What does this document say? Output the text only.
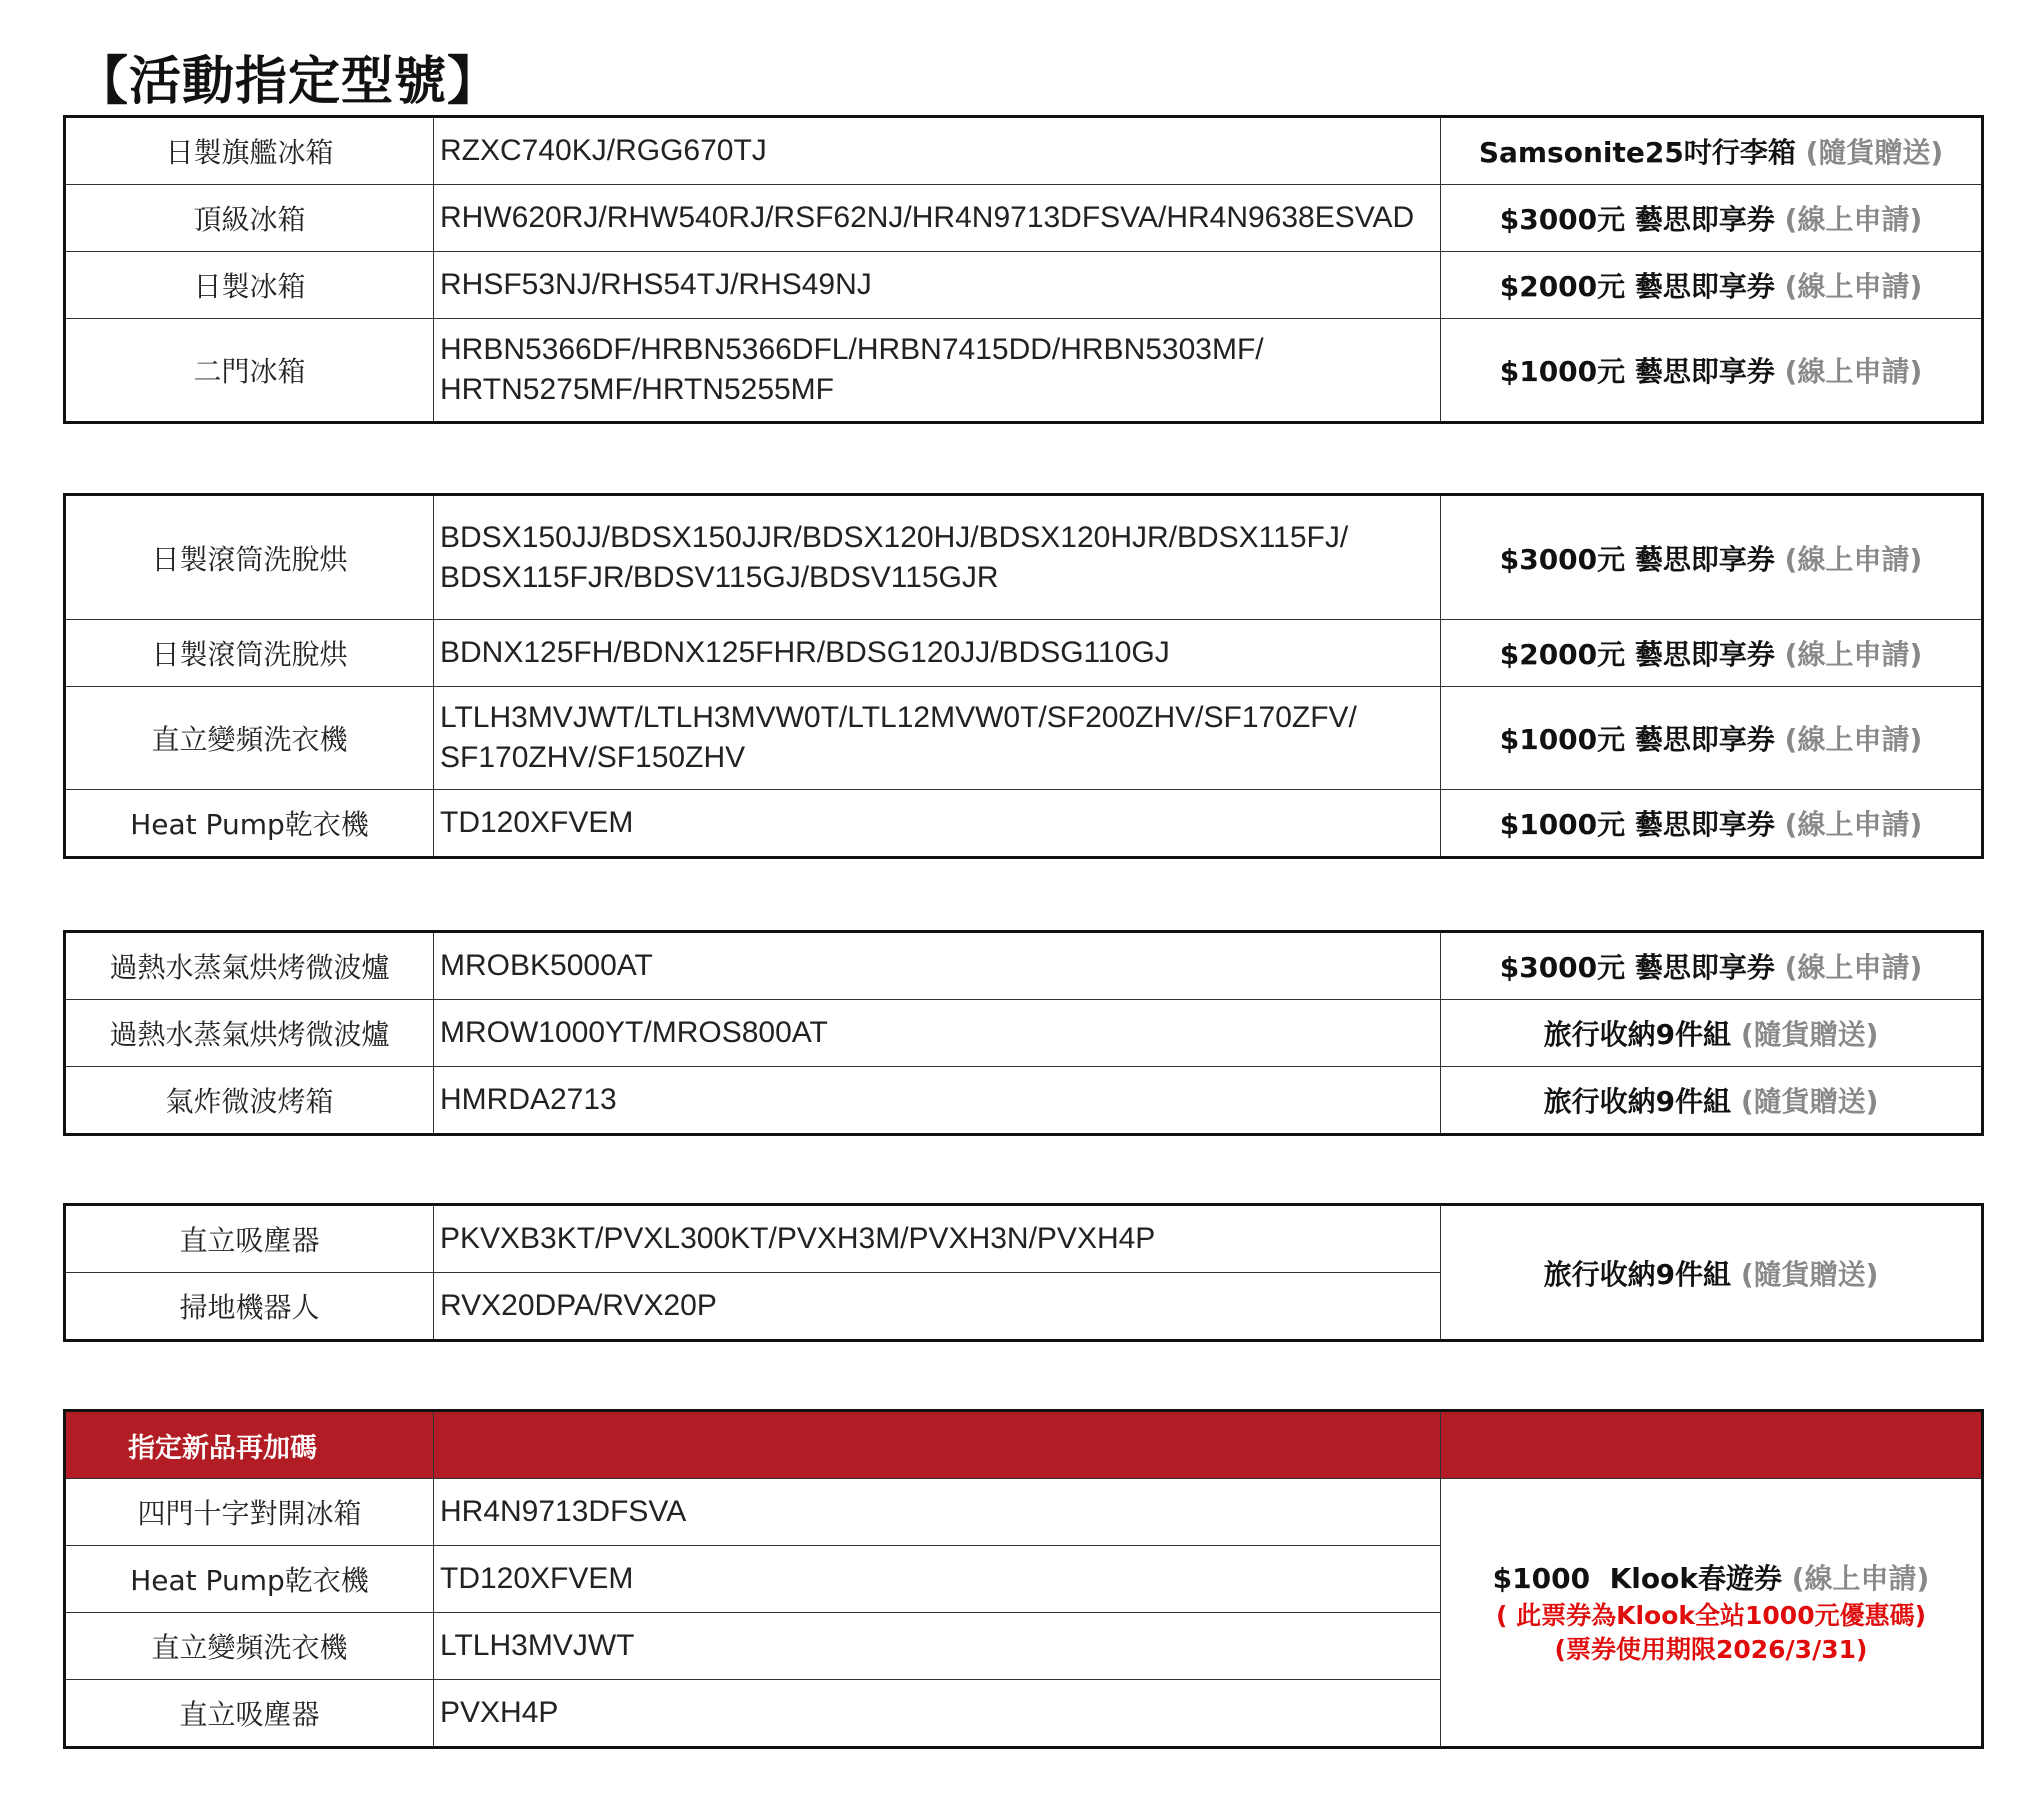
【活動指定型號】
日製旗艦冰箱	RZXC740KJ/RGG670TJ	Samsonite25吋行李箱 (隨貨贈送)
頂級冰箱	RHW620RJ/RHW540RJ/RSF62NJ/HR4N9713DFSVA/HR4N9638ESVAD	$3000元 藝思即享券 (線上申請)
日製冰箱	RHSF53NJ/RHS54TJ/RHS49NJ	$2000元 藝思即享券 (線上申請)
二門冰箱	HRBN5366DF/HRBN5366DFL/HRBN7415DD/HRBN5303MF/
HRTN5275MF/HRTN5255MF	$1000元 藝思即享券 (線上申請)
日製滾筒洗脫烘	BDSX150JJ/BDSX150JJR/BDSX120HJ/BDSX120HJR/BDSX115FJ/
BDSX115FJR/BDSV115GJ/BDSV115GJR	$3000元 藝思即享券 (線上申請)
日製滾筒洗脫烘	BDNX125FH/BDNX125FHR/BDSG120JJ/BDSG110GJ	$2000元 藝思即享券 (線上申請)
直立變頻洗衣機	LTLH3MVJWT/LTLH3MVW0T/LTL12MVW0T/SF200ZHV/SF170ZFV/
SF170ZHV/SF150ZHV	$1000元 藝思即享券 (線上申請)
Heat Pump乾衣機	TD120XFVEM	$1000元 藝思即享券 (線上申請)
過熱水蒸氣烘烤微波爐	MROBK5000AT	$3000元 藝思即享券 (線上申請)
過熱水蒸氣烘烤微波爐	MROW1000YT/MROS800AT	旅行收納9件組 (隨貨贈送)
氣炸微波烤箱	HMRDA2713	旅行收納9件組 (隨貨贈送)
直立吸塵器	PKVXB3KT/PVXL300KT/PVXH3M/PVXH3N/PVXH4P	旅行收納9件組 (隨貨贈送)
掃地機器人	RVX20DPA/RVX20P	
指定新品再加碼		
四門十字對開冰箱	HR4N9713DFSVA	$1000  Klook春遊券 (線上申請)
( 此票券為Klook全站1000元優惠碼)
(票券使用期限2026/3/31)

Heat Pump乾衣機	TD120XFVEM	
直立變頻洗衣機	LTLH3MVJWT	
直立吸塵器	PVXH4P	
